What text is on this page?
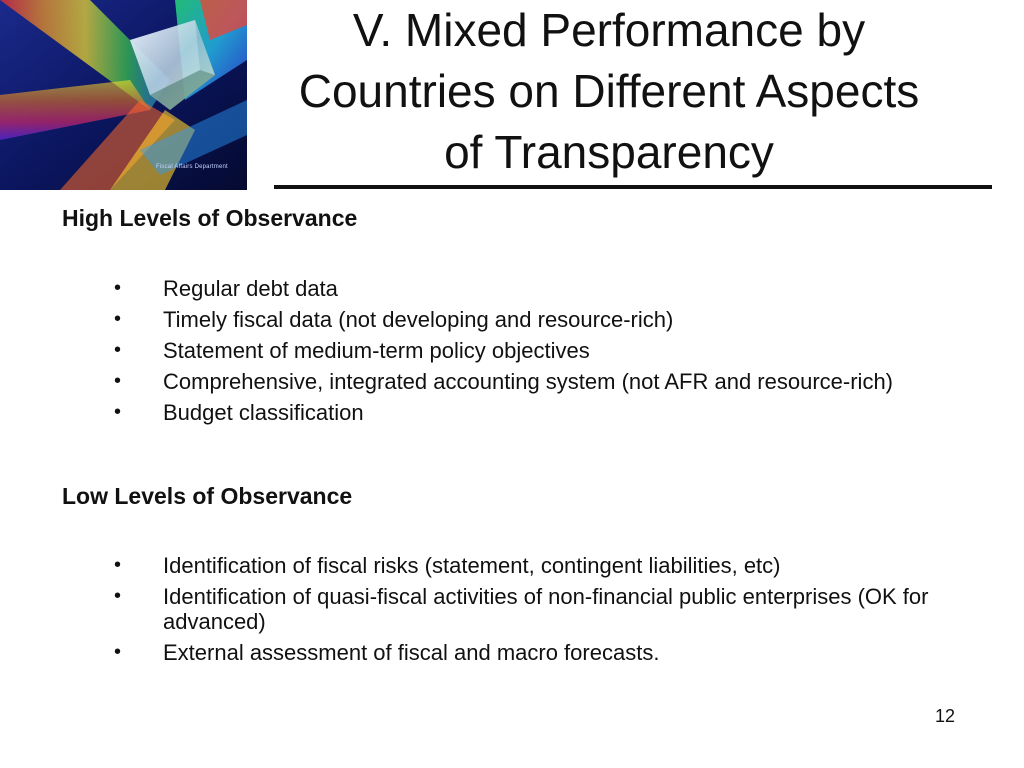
Fiscal Affairs Department
V. Mixed Performance by
Countries on Different Aspects
of Transparency
High Levels of Observance
• Regular debt data
• Timely fiscal data (not developing and resource-rich)
• Statement of medium-term policy objectives
• Comprehensive, integrated accounting system (not AFR and resource-rich)
• Budget classification
Low Levels of Observance
• Identification of fiscal risks (statement, contingent liabilities, etc)
• Identification of quasi-fiscal activities of non-financial public enterprises (OK for advanced)
• External assessment of fiscal and macro forecasts.
12
